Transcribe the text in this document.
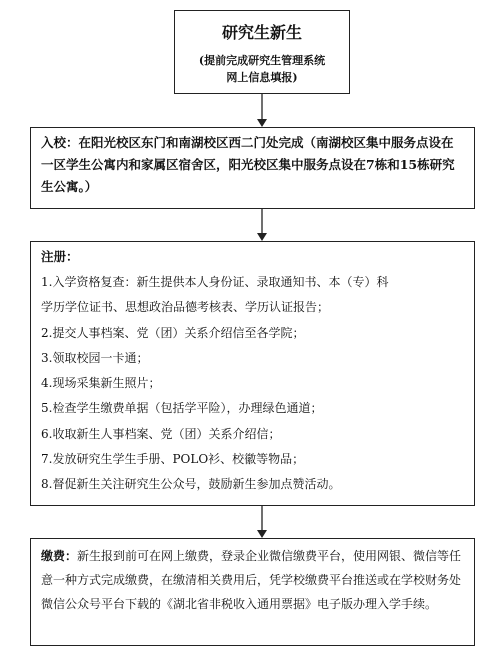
研究生新生
(提前完成研究生管理系统
网上信息填报)

入校：在阳光校区东门和南湖校区西二门处完成（南湖校区集中服务点设在一区学生公寓内和家属区宿舍区，阳光校区集中服务点设在7栋和15栋研究生公寓。）

注册：

1.入学资格复查：新生提供本人身份证、录取通知书、本（专）科

学历学位证书、思想政治品德考核表、学历认证报告；

2.提交人事档案、党（团）关系介绍信至各学院；

3.领取校园一卡通；

4.现场采集新生照片；

5.检查学生缴费单据（包括学平险），办理绿色通道；

6.收取新生人事档案、党（团）关系介绍信；

7.发放研究生学生手册、POLO衫、校徽等物品；

8.督促新生关注研究生公众号，鼓励新生参加点赞活动。

缴费：新生报到前可在网上缴费，登录企业微信缴费平台，使用网银、微信等任意一种方式完成缴费，在缴清相关费用后，凭学校缴费平台推送或在学校财务处微信公众号平台下载的《湖北省非税收入通用票据》电子版办理入学手续。
